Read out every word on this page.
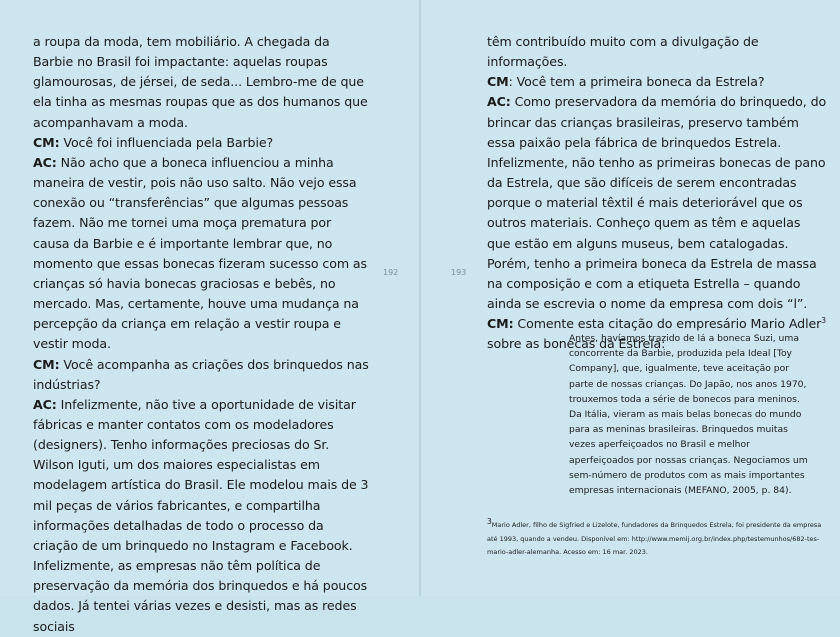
a roupa da moda, tem mobiliário. A chegada da Barbie no Brasil foi impactante: aquelas roupas glamourosas, de jérsei, de seda... Lembro-me de que ela tinha as mesmas roupas que as dos humanos que acompanhavam a moda.

CM: Você foi influenciada pela Barbie?

AC: Não acho que a boneca influenciou a minha maneira de vestir, pois não uso salto. Não vejo essa conexão ou “transferências” que algumas pessoas fazem. Não me tornei uma moça prematura por causa da Barbie e é importante lembrar que, no momento que essas bonecas fizeram sucesso com as crianças só havia bonecas graciosas e bebês, no mercado. Mas, certamente, houve uma mudança na percepção da criança em relação a vestir roupa e vestir moda.

CM: Você acompanha as criações dos brinquedos nas indústrias?

AC: Infelizmente, não tive a oportunidade de visitar fábricas e manter contatos com os modeladores (designers). Tenho informações preciosas do Sr. Wilson Iguti, um dos maiores especialistas em modelagem artística do Brasil. Ele modelou mais de 3 mil peças de vários fabricantes, e compartilha informações detalhadas de todo o processo da criação de um brinquedo no Instagram e Facebook. Infelizmente, as empresas não têm política de preservação da memória dos brinquedos e há poucos dados. Já tentei várias vezes e desisti, mas as redes sociais

192	193

têm contribuído muito com a divulgação de informações.

CM: Você tem a primeira boneca da Estrela?

AC: Como preservadora da memória do brinquedo, do brincar das crianças brasileiras, preservo também essa paixão pela fábrica de brinquedos Estrela. Infelizmente, não tenho as primeiras bonecas de pano da Estrela, que são difíceis de serem encontradas porque o material têxtil é mais deteriorável que os outros materiais. Conheço quem as têm e aquelas que estão em alguns museus, bem catalogadas. Porém, tenho a primeira boneca da Estrela de massa na composição e com a etiqueta Estrella – quando ainda se escrevia o nome da empresa com dois “l”.

CM: Comente esta citação do empresário Mario Adler$^3$ sobre as bonecas da Estrela:

Antes, havíamos trazido de lá a boneca Suzi, uma concorrente da Barbie, produzida pela Ideal [Toy Company], que, igualmente, teve aceitação por parte de nossas crianças. Do Japão, nos anos 1970, trouxemos toda a série de bonecos para meninos. Da Itália, vieram as mais belas bonecas do mundo para as meninas brasileiras. Brinquedos muitas vezes aperfeiçoados no Brasil e melhor aperfeiçoados por nossas crianças. Negociamos um sem-número de produtos com as mais importantes empresas internacionais (MEFANO, 2005, p. 84).

$^3$Mario Adler, filho de Sigfried e Lizelote, fundadores da Brinquedos Estrela, foi presidente da empresa até 1993, quando a vendeu. Disponível em: http://www.memij.org.br/index.php/testemunhos/682-tes-mario-adler-alemanha. Acesso em: 16 mar. 2023.
